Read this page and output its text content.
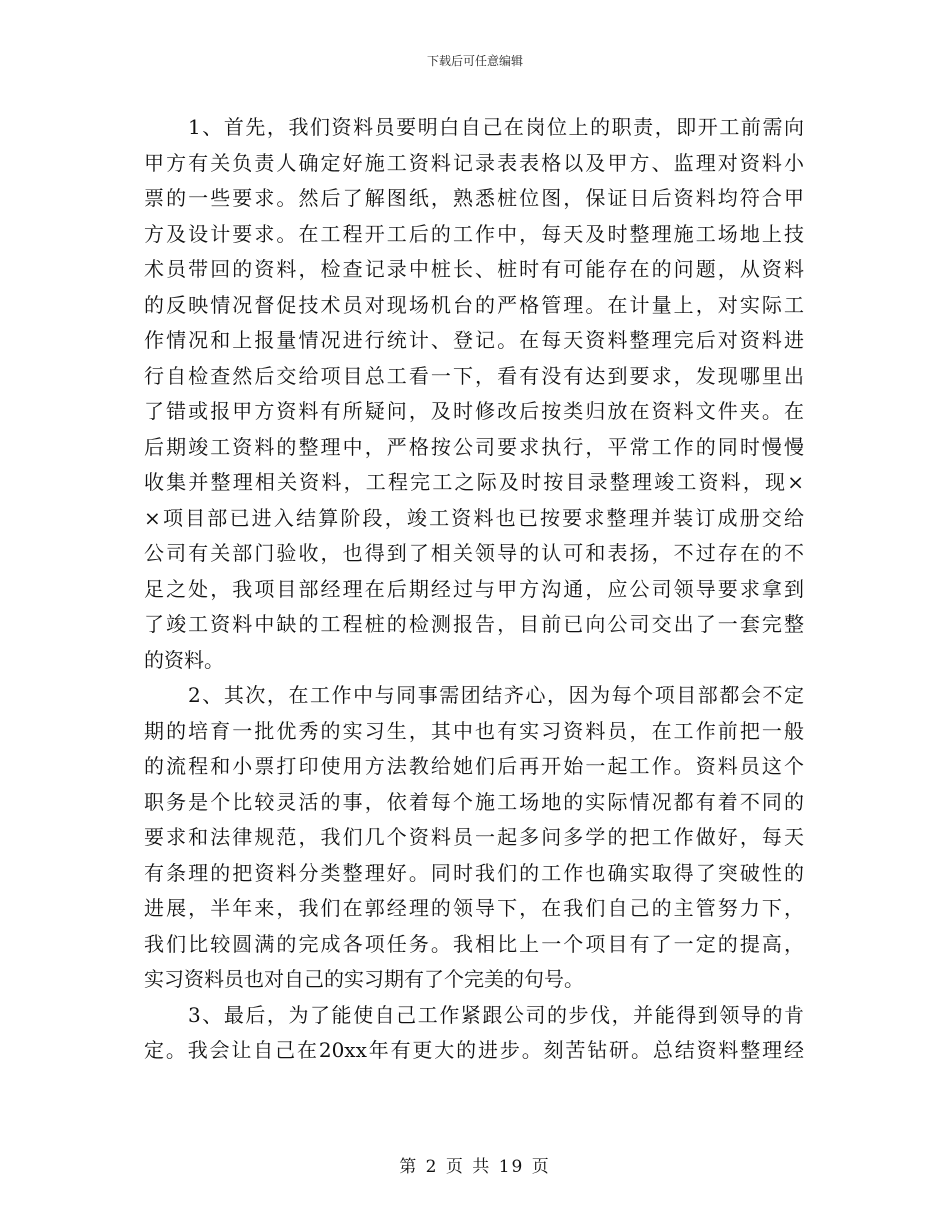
下载后可任意编辑
1、首先，我们资料员要明白自己在岗位上的职责，即开工前需向
甲方有关负责人确定好施工资料记录表表格以及甲方、监理对资料小
票的一些要求。然后了解图纸，熟悉桩位图，保证日后资料均符合甲
方及设计要求。在工程开工后的工作中，每天及时整理施工场地上技
术员带回的资料，检查记录中桩长、桩时有可能存在的问题，从资料
的反映情况督促技术员对现场机台的严格管理。在计量上，对实际工
作情况和上报量情况进行统计、登记。在每天资料整理完后对资料进
行自检查然后交给项目总工看一下，看有没有达到要求，发现哪里出
了错或报甲方资料有所疑问，及时修改后按类归放在资料文件夹。在
后期竣工资料的整理中，严格按公司要求执行，平常工作的同时慢慢
收集并整理相关资料，工程完工之际及时按目录整理竣工资料，现×
×项目部已进入结算阶段，竣工资料也已按要求整理并装订成册交给
公司有关部门验收，也得到了相关领导的认可和表扬，不过存在的不
足之处，我项目部经理在后期经过与甲方沟通，应公司领导要求拿到
了竣工资料中缺的工程桩的检测报告，目前已向公司交出了一套完整
的资料。
2、其次，在工作中与同事需团结齐心，因为每个项目部都会不定
期的培育一批优秀的实习生，其中也有实习资料员，在工作前把一般
的流程和小票打印使用方法教给她们后再开始一起工作。资料员这个
职务是个比较灵活的事，依着每个施工场地的实际情况都有着不同的
要求和法律规范，我们几个资料员一起多问多学的把工作做好，每天
有条理的把资料分类整理好。同时我们的工作也确实取得了突破性的
进展，半年来，我们在郭经理的领导下，在我们自己的主管努力下，
我们比较圆满的完成各项任务。我相比上一个项目有了一定的提高，
实习资料员也对自己的实习期有了个完美的句号。
3、最后，为了能使自己工作紧跟公司的步伐，并能得到领导的肯
定。我会让自己在20xx年有更大的进步。刻苦钻研。总结资料整理经
第 2 页 共 19 页
